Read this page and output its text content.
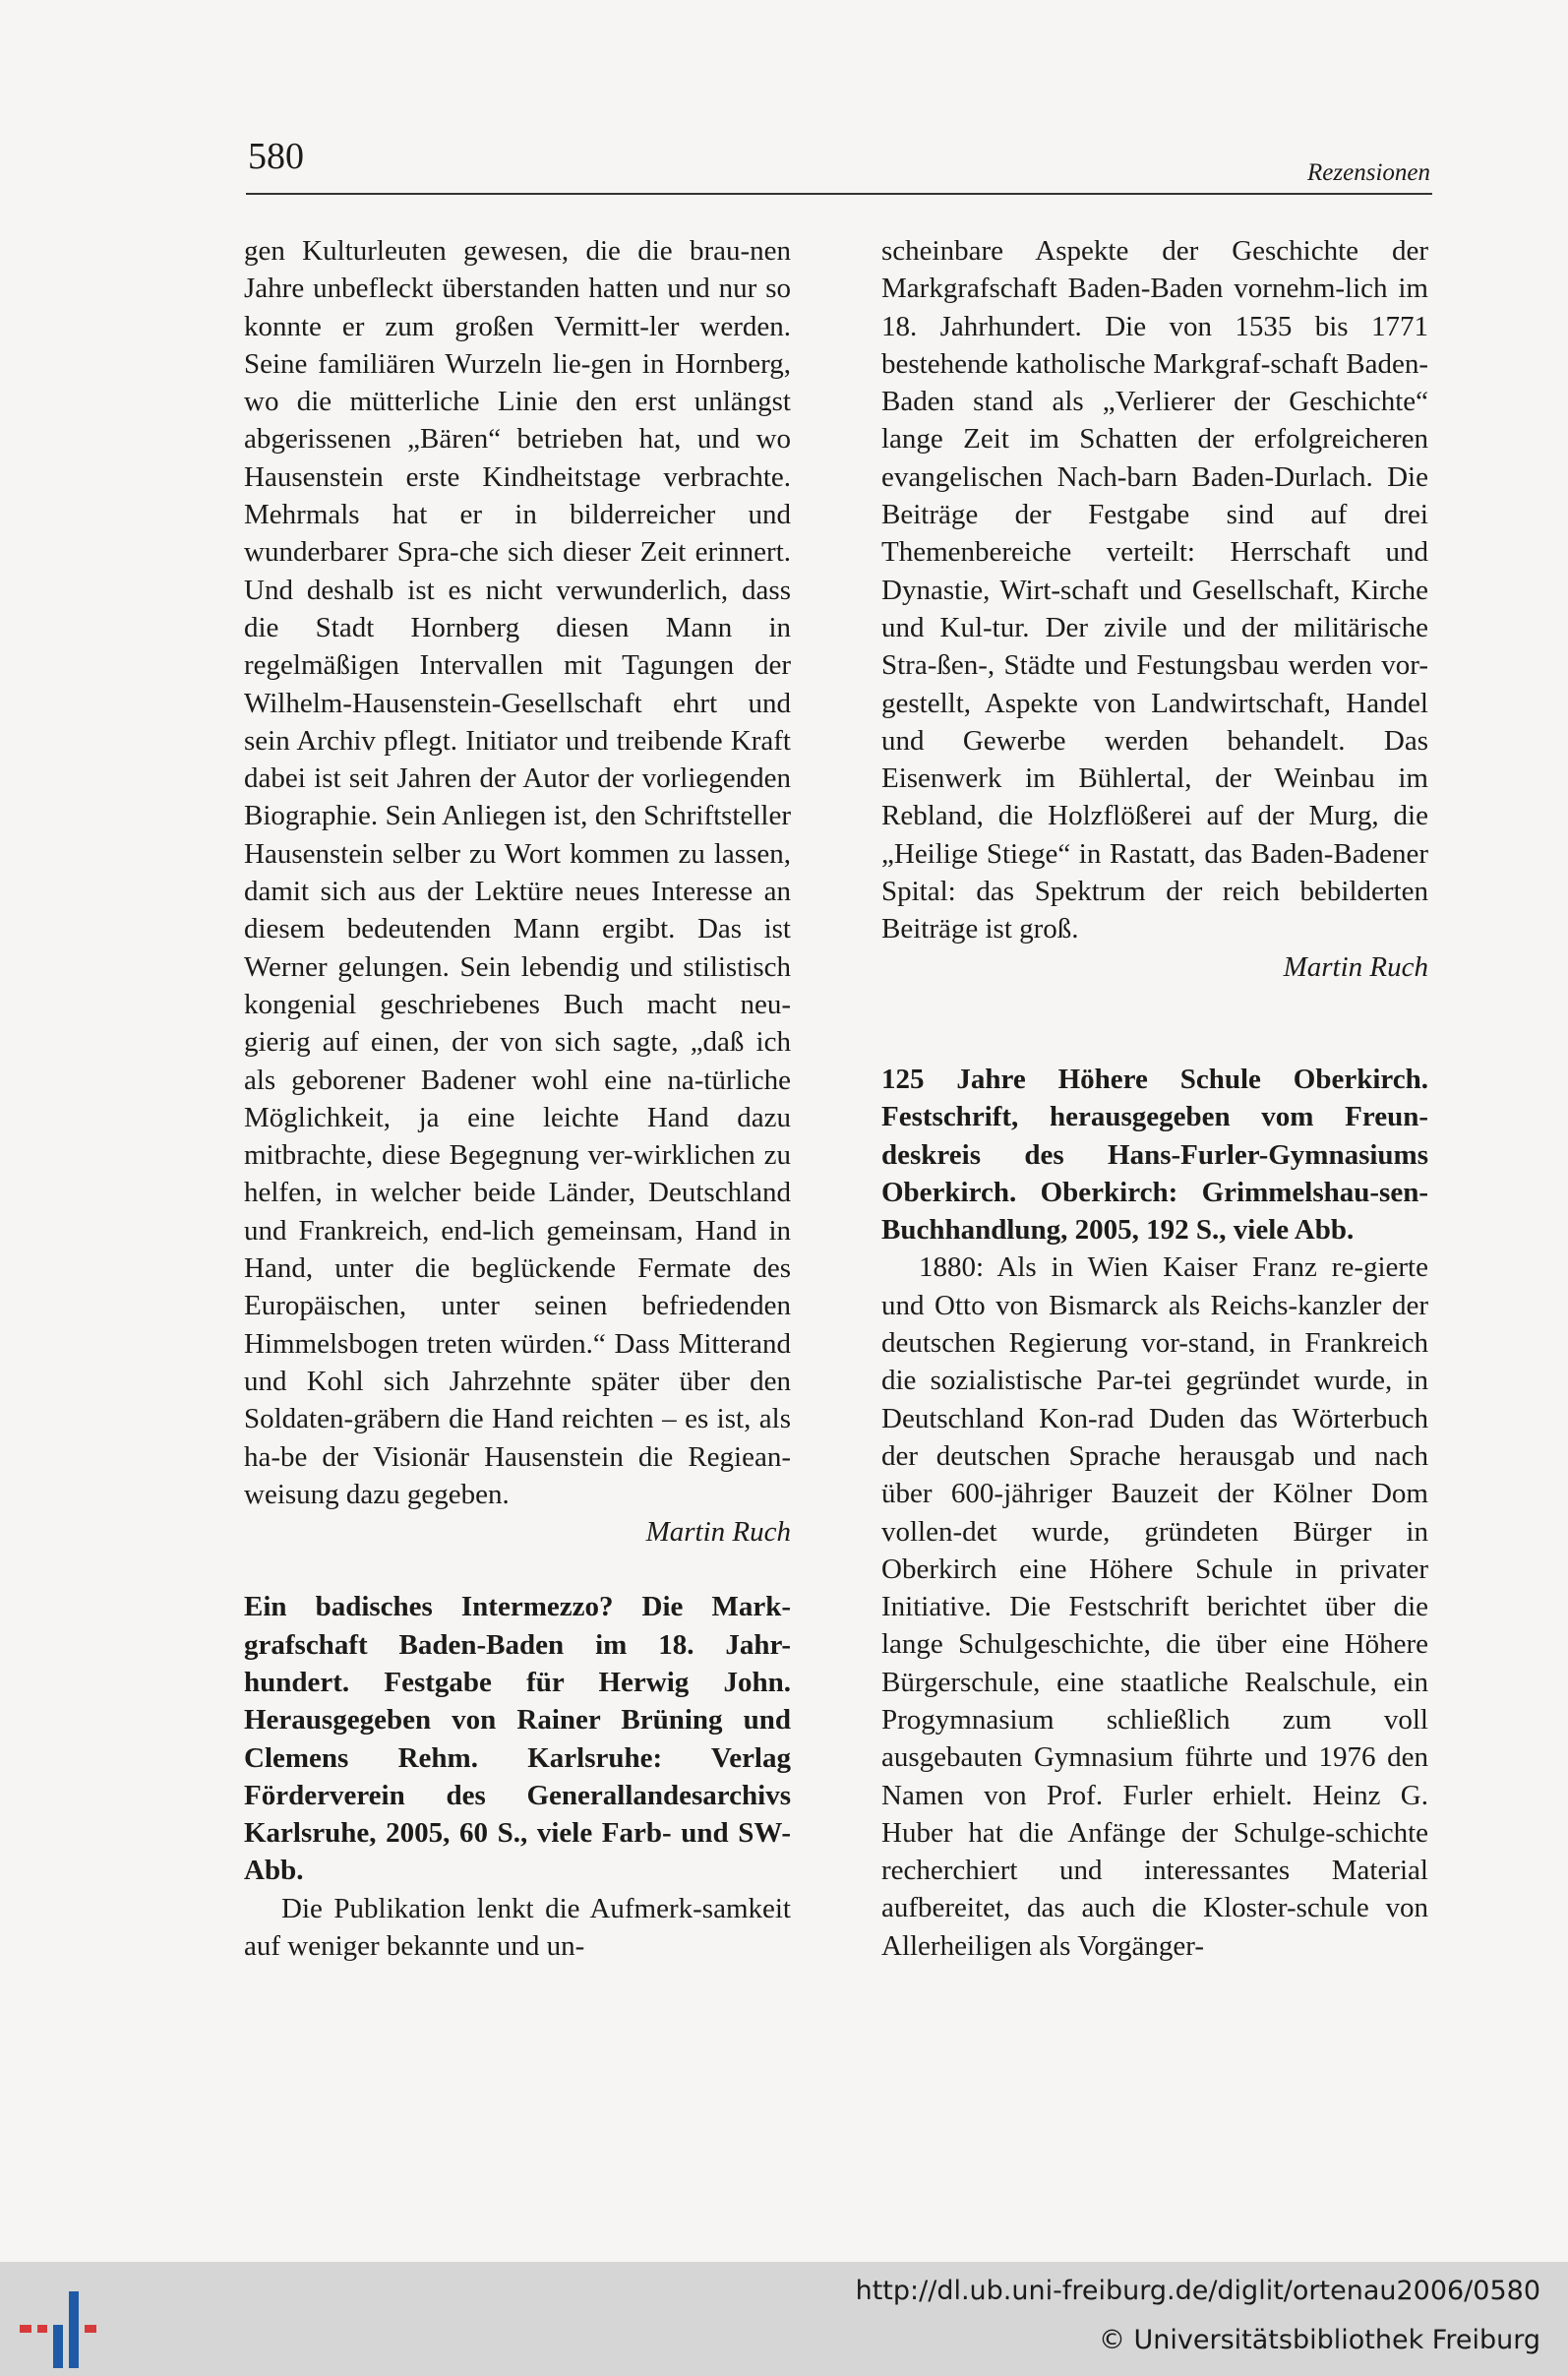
580	Rezensionen

gen Kulturleuten gewesen, die die brau-nen Jahre unbefleckt überstanden hatten und nur so konnte er zum großen Vermitt-ler werden. Seine familiären Wurzeln lie-gen in Hornberg, wo die mütterliche Linie den erst unlängst abgerissenen „Bären“ betrieben hat, und wo Hausenstein erste Kindheitstage verbrachte. Mehrmals hat er in bilderreicher und wunderbarer Spra-che sich dieser Zeit erinnert. Und deshalb ist es nicht verwunderlich, dass die Stadt Hornberg diesen Mann in regelmäßigen Intervallen mit Tagungen der Wilhelm-Hausenstein-Gesellschaft ehrt und sein Archiv pflegt. Initiator und treibende Kraft dabei ist seit Jahren der Autor der vorliegenden Biographie. Sein Anliegen ist, den Schriftsteller Hausenstein selber zu Wort kommen zu lassen, damit sich aus der Lektüre neues Interesse an diesem bedeutenden Mann ergibt. Das ist Werner gelungen. Sein lebendig und stilistisch kongenial geschriebenes Buch macht neu-gierig auf einen, der von sich sagte, „daß ich als geborener Badener wohl eine na-türliche Möglichkeit, ja eine leichte Hand dazu mitbrachte, diese Begegnung ver-wirklichen zu helfen, in welcher beide Länder, Deutschland und Frankreich, end-lich gemeinsam, Hand in Hand, unter die beglückende Fermate des Europäischen, unter seinen befriedenden Himmelsbogen treten würden.“ Dass Mitterand und Kohl sich Jahrzehnte später über den Soldaten-gräbern die Hand reichten – es ist, als ha-be der Visionär Hausenstein die Regiean-weisung dazu gegeben.

Martin Ruch

Ein badisches Intermezzo? Die Mark-grafschaft Baden-Baden im 18. Jahr-hundert. Festgabe für Herwig John. Herausgegeben von Rainer Brüning und Clemens Rehm. Karlsruhe: Verlag Förderverein des Generallandesarchivs Karlsruhe, 2005, 60 S., viele Farb- und SW-Abb.

Die Publikation lenkt die Aufmerk-samkeit auf weniger bekannte und un-

scheinbare Aspekte der Geschichte der Markgrafschaft Baden-Baden vornehm-lich im 18. Jahrhundert. Die von 1535 bis 1771 bestehende katholische Markgraf-schaft Baden-Baden stand als „Verlierer der Geschichte“ lange Zeit im Schatten der erfolgreicheren evangelischen Nach-barn Baden-Durlach. Die Beiträge der Festgabe sind auf drei Themenbereiche verteilt: Herrschaft und Dynastie, Wirt-schaft und Gesellschaft, Kirche und Kul-tur. Der zivile und der militärische Stra-ßen-, Städte und Festungsbau werden vor-gestellt, Aspekte von Landwirtschaft, Handel und Gewerbe werden behandelt. Das Eisenwerk im Bühlertal, der Weinbau im Rebland, die Holzflößerei auf der Murg, die „Heilige Stiege“ in Rastatt, das Baden-Badener Spital: das Spektrum der reich bebilderten Beiträge ist groß.

Martin Ruch

125 Jahre Höhere Schule Oberkirch. Festschrift, herausgegeben vom Freun-deskreis des Hans-Furler-Gymnasiums Oberkirch. Oberkirch: Grimmelshau-sen-Buchhandlung, 2005, 192 S., viele Abb.

1880: Als in Wien Kaiser Franz re-gierte und Otto von Bismarck als Reichs-kanzler der deutschen Regierung vor-stand, in Frankreich die sozialistische Par-tei gegründet wurde, in Deutschland Kon-rad Duden das Wörterbuch der deutschen Sprache herausgab und nach über 600-jähriger Bauzeit der Kölner Dom vollen-det wurde, gründeten Bürger in Oberkirch eine Höhere Schule in privater Initiative. Die Festschrift berichtet über die lange Schulgeschichte, die über eine Höhere Bürgerschule, eine staatliche Realschule, ein Progymnasium schließlich zum voll ausgebauten Gymnasium führte und 1976 den Namen von Prof. Furler erhielt. Heinz G. Huber hat die Anfänge der Schulge-schichte recherchiert und interessantes Material aufbereitet, das auch die Kloster-schule von Allerheiligen als Vorgänger-

http://dl.ub.uni-freiburg.de/diglit/ortenau2006/0580
© Universitätsbibliothek Freiburg
